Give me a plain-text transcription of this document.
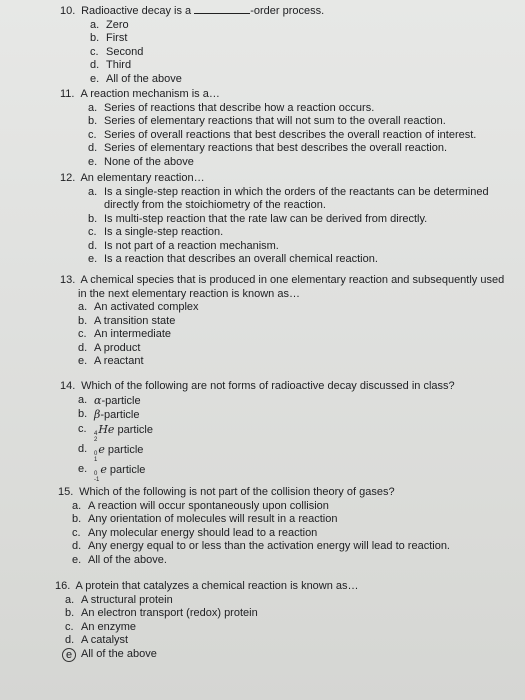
10. Radioactive decay is a	-order process.
a. Zero
b. First
c. Second
d. Third
e. All of the above
11. A reaction mechanism is a…
a. Series of reactions that describe how a reaction occurs.
b. Series of elementary reactions that will not sum to the overall reaction.
c. Series of overall reactions that best describes the overall reaction of interest.
d. Series of elementary reactions that best describes the overall reaction.
e. None of the above
12. An elementary reaction…
a. Is a single-step reaction in which the orders of the reactants can be determined directly from the stoichiometry of the reaction.
b. Is multi-step reaction that the rate law can be derived from directly.
c. Is a single-step reaction.
d. Is not part of a reaction mechanism.
e. Is a reaction that describes an overall chemical reaction.
13. A chemical species that is produced in one elementary reaction and subsequently used
in the next elementary reaction is known as…
a. An activated complex
b. A transition state
c. An intermediate
d. A product
e. A reactant
14. Which of the following are not forms of radioactive decay discussed in class?
a. α-particle
b. β-particle
c.	4
2
He particle
d.	0
1
e particle
e.	0
-1
e particle
15. Which of the following is not part of the collision theory of gases?
a. A reaction will occur spontaneously upon collision
b. Any orientation of molecules will result in a reaction
c. Any molecular energy should lead to a reaction
d. Any energy equal to or less than the activation energy will lead to reaction.
e. All of the above.
16. A protein that catalyzes a chemical reaction is known as…
a. A structural protein
b. An electron transport (redox) protein
c. An enzyme
d. A catalyst
e All of the above
